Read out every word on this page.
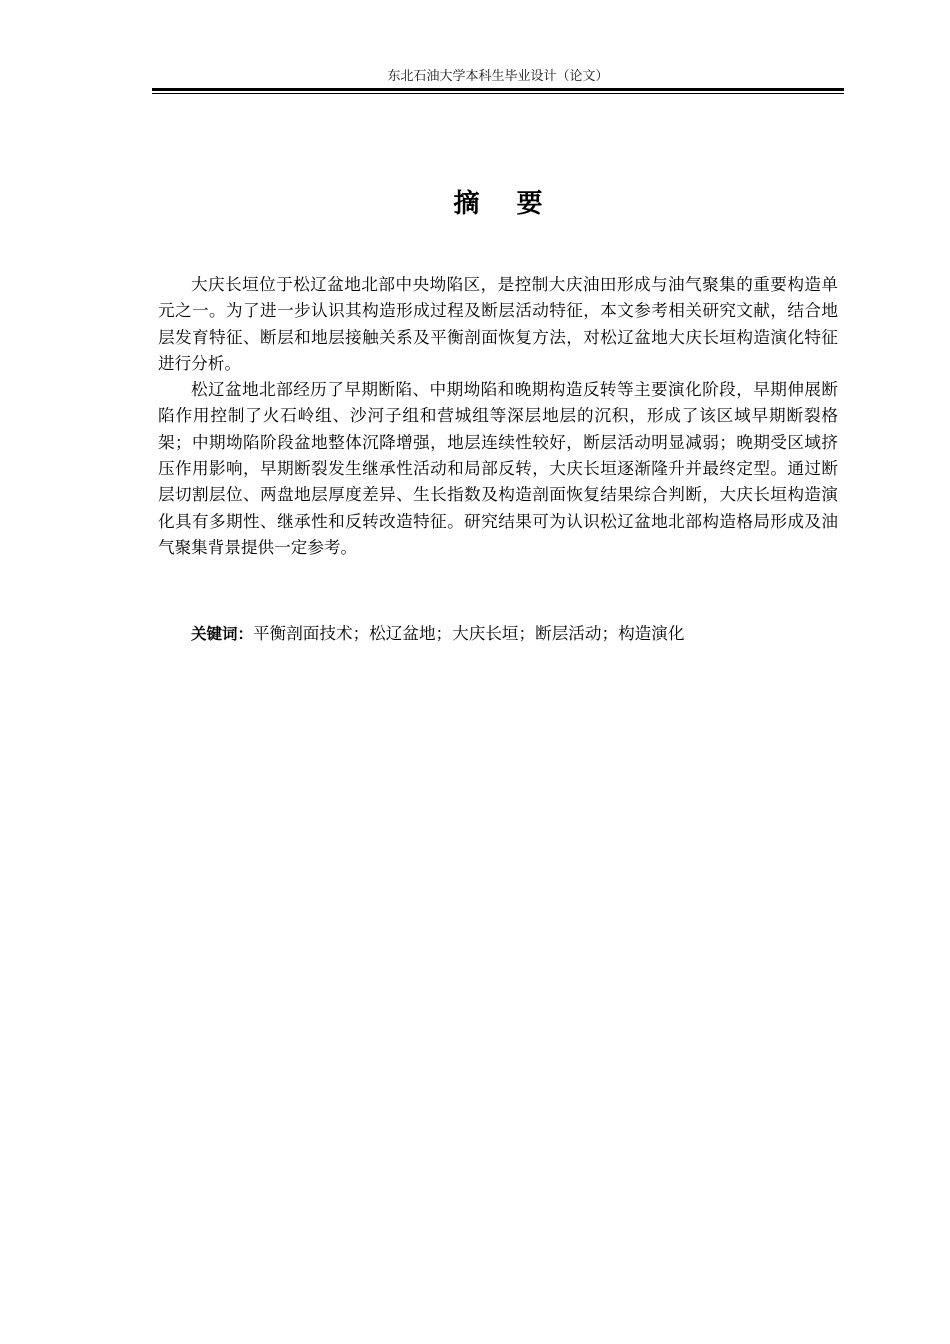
东北石油大学本科生毕业设计（论文）
摘 要

大庆长垣位于松辽盆地北部中央坳陷区，是控制大庆油田形成与油气聚集的重要构造单元之一。为了进一步认识其构造形成过程及断层活动特征，本文参考相关研究文献，结合地层发育特征、断层和地层接触关系及平衡剖面恢复方法，对松辽盆地大庆长垣构造演化特征进行分析。

松辽盆地北部经历了早期断陷、中期坳陷和晚期构造反转等主要演化阶段，早期伸展断陷作用控制了火石岭组、沙河子组和营城组等深层地层的沉积，形成了该区域早期断裂格架；中期坳陷阶段盆地整体沉降增强，地层连续性较好，断层活动明显减弱；晚期受区域挤压作用影响，早期断裂发生继承性活动和局部反转，大庆长垣逐渐隆升并最终定型。通过断层切割层位、两盘地层厚度差异、生长指数及构造剖面恢复结果综合判断，大庆长垣构造演化具有多期性、继承性和反转改造特征。研究结果可为认识松辽盆地北部构造格局形成及油气聚集背景提供一定参考。

关键词：平衡剖面技术；松辽盆地；大庆长垣；断层活动；构造演化
